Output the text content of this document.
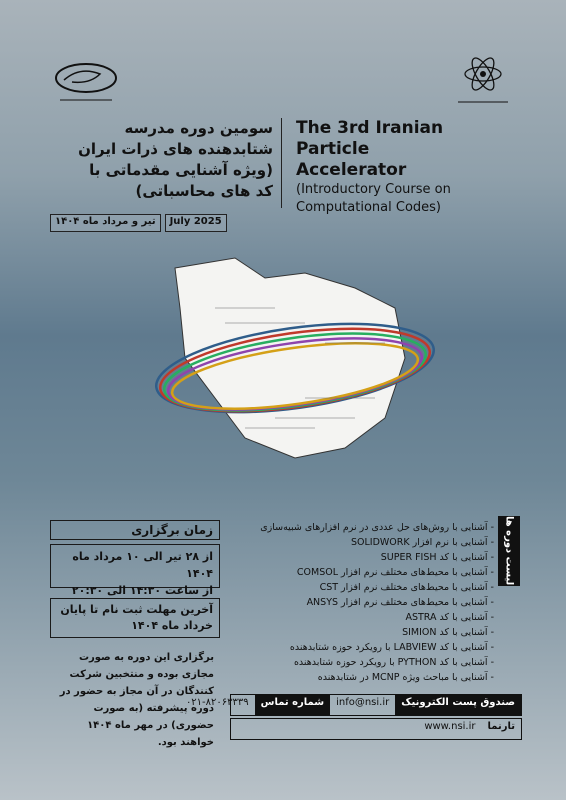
سومین دوره مدرسه
شتابدهنده های ذرات ایران
(ویژه آشنایی مقدماتی با
کد های محاسباتی)
The 3rd Iranian Particle
Accelerator
(Introductory Course on
Computational Codes)
تیر و مرداد ماه ۱۴۰۴	July 2025
زمان برگزاری
از ۲۸ تیر الی ۱۰ مرداد ماه ۱۴۰۴
از ساعت ۱۴:۳۰ الی ۲۰:۳۰
آخرین مهلت ثبت نام تا پایان
خرداد ماه ۱۴۰۴
برگزاری این دوره به صورت مجازی بوده و منتخبین شرکت کنندگان در آن مجاز به حضور در دوره پیشرفته (به صورت حضوری) در مهر ماه ۱۴۰۴ خواهند بود.
لیست دوره ها
- آشنایی با روش‌های حل عددی در نرم افزارهای شبیه‌سازی
- آشنایی با نرم افزار SOLIDWORK
- آشنایی با کد SUPER FISH
- آشنایی با محیط‌های مختلف نرم افزار COMSOL
- آشنایی با محیط‌های مختلف نرم افزار CST
- آشنایی با محیط‌های مختلف نرم افزار ANSYS
- آشنایی با کد ASTRA
- آشنایی با کد SIMION
- آشنایی با کد LABVIEW با رویکرد حوزه شتابدهنده
- آشنایی با کد PYTHON با رویکرد حوزه شتابدهنده
- آشنایی با مباحث ویژه MCNP در شتابدهنده
صندوق پست الکترونیک
info@nsi.ir
شماره تماس
۰۲۱-۸۲۰۶۳۳۳۹
تارنما
www.nsi.ir
